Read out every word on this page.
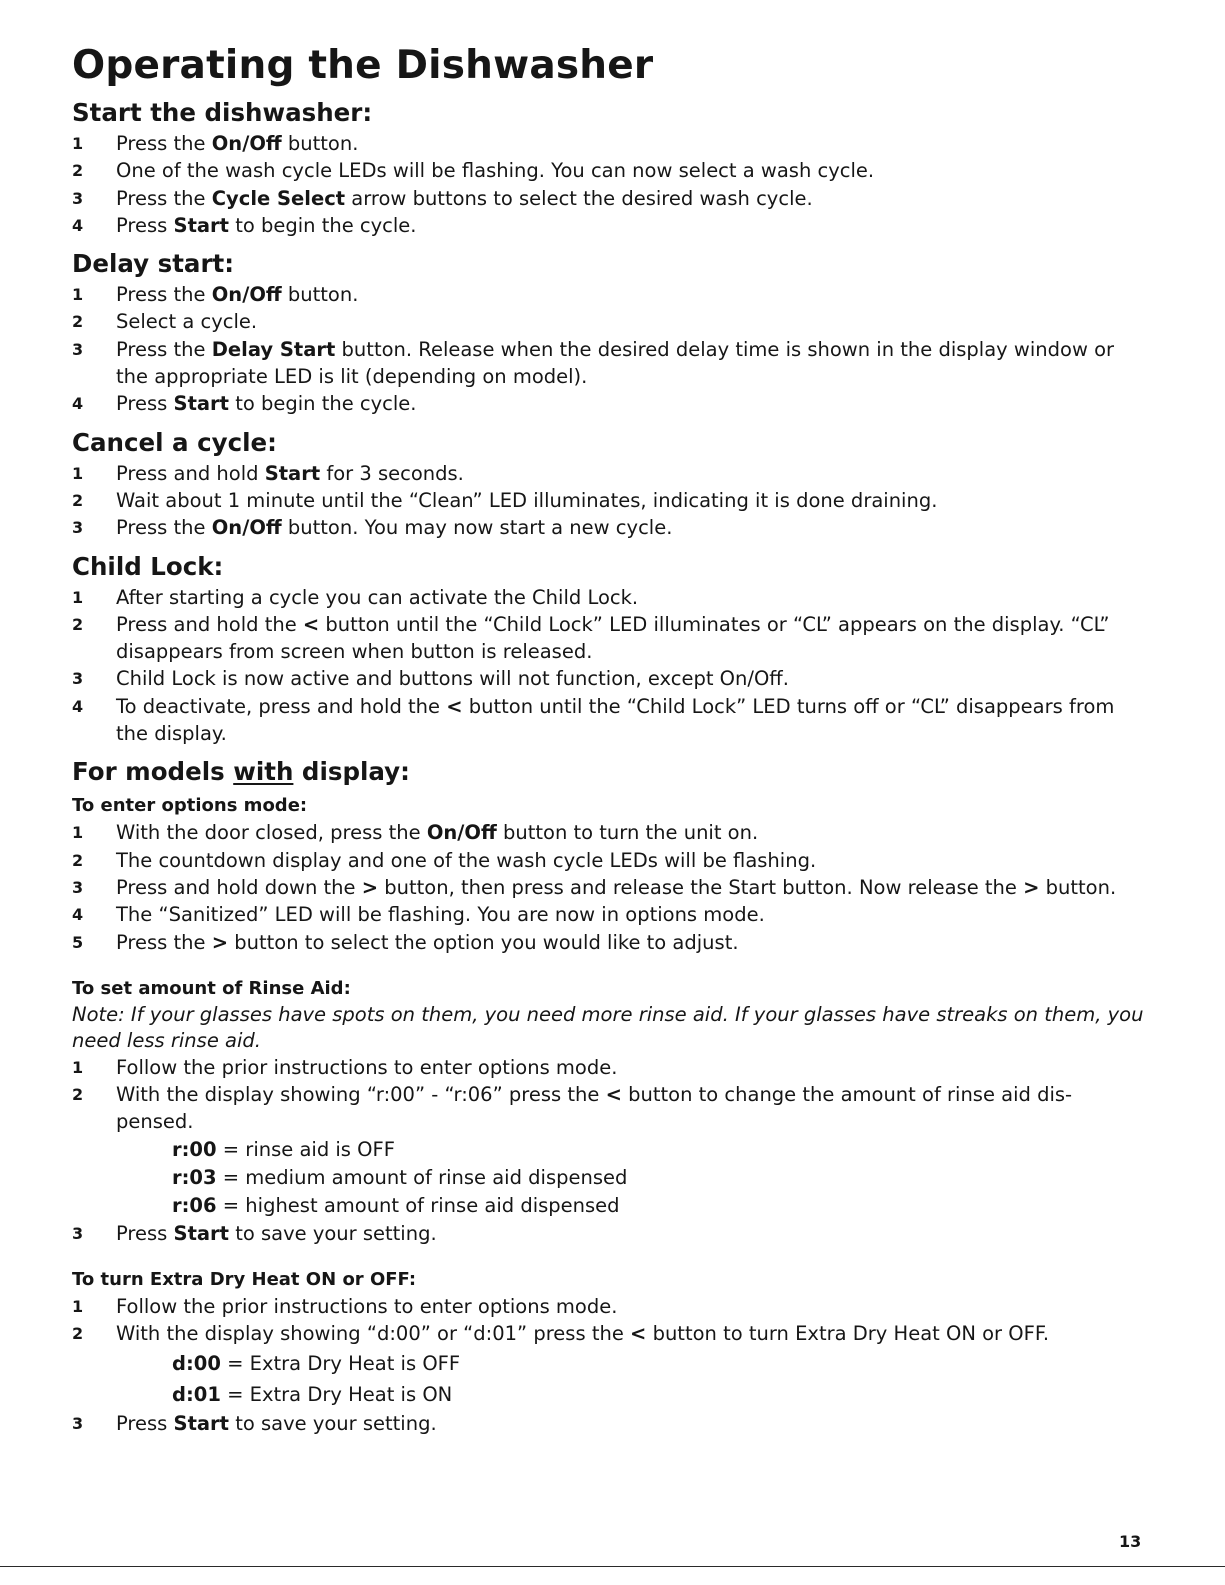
Operating the Dishwasher
Start the dishwasher:
1	Press the On/Off button.
2	One of the wash cycle LEDs will be flashing. You can now select a wash cycle.
3	Press the Cycle Select arrow buttons to select the desired wash cycle.
4	Press Start to begin the cycle.
Delay start:
1	Press the On/Off button.
2	Select a cycle.
3	Press the Delay Start button. Release when the desired delay time is shown in the display window or the appropriate LED is lit (depending on model).
4	Press Start to begin the cycle.
Cancel a cycle:
1	Press and hold Start for 3 seconds.
2	Wait about 1 minute until the “Clean” LED illuminates, indicating it is done draining.
3	Press the On/Off button. You may now start a new cycle.
Child Lock:
1	After starting a cycle you can activate the Child Lock.
2	Press and hold the < button until the “Child Lock” LED illuminates or “CL” appears on the display. “CL” disappears from screen when button is released.
3	Child Lock is now active and buttons will not function, except On/Off.
4	To deactivate, press and hold the < button until the “Child Lock” LED turns off or “CL” disappears from the display.
For models with display:
To enter options mode:
1	With the door closed, press the On/Off button to turn the unit on.
2	The countdown display and one of the wash cycle LEDs will be flashing.
3	Press and hold down the > button, then press and release the Start button. Now release the > button.
4	The “Sanitized” LED will be flashing. You are now in options mode.
5	Press the > button to select the option you would like to adjust.
To set amount of Rinse Aid:

Note: If your glasses have spots on them, you need more rinse aid. If your glasses have streaks on them, you need less rinse aid.

1	Follow the prior instructions to enter options mode.
2	With the display showing “r:00” - “r:06” press the < button to change the amount of rinse aid dis- pensed.
r:00 = rinse aid is OFF
r:03 = medium amount of rinse aid dispensed
r:06 = highest amount of rinse aid dispensed
3	Press Start to save your setting.
To turn Extra Dry Heat ON or OFF:
1	Follow the prior instructions to enter options mode.
2	With the display showing “d:00” or “d:01” press the < button to turn Extra Dry Heat ON or OFF.
d:00 = Extra Dry Heat is OFF
d:01 = Extra Dry Heat is ON
3	Press Start to save your setting.
13
